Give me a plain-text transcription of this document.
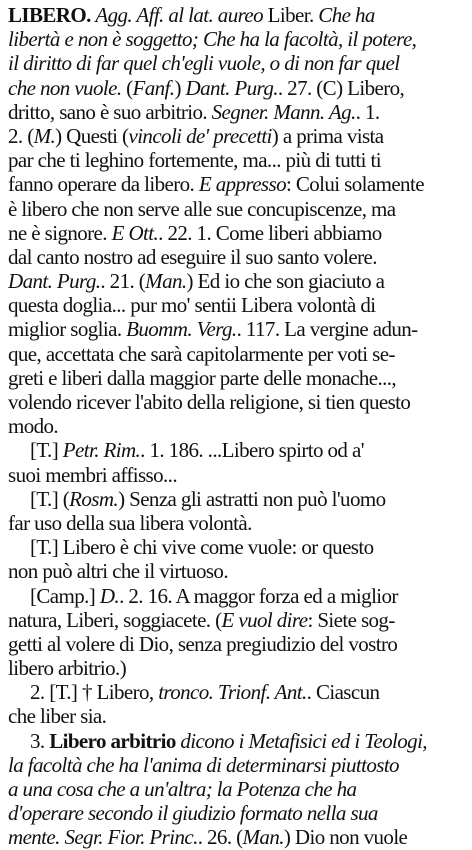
LIBERO. Agg. Aff. al lat. aureo Liber. Che ha
libertà e non è soggetto; Che ha la facoltà, il potere,
il diritto di far quel ch'egli vuole, o di non far quel
che non vuole. (Fanf.) Dant. Purg.. 27. (C) Libero,
dritto, sano è suo arbitrio. Segner. Mann. Ag.. 1.
2. (M.) Questi (vincoli de' precetti) a prima vista
par che ti leghino fortemente, ma... più di tutti ti
fanno operare da libero. E appresso: Colui solamente
è libero che non serve alle sue concupiscenze, ma
ne è signore. E Ott.. 22. 1. Come liberi abbiamo
dal canto nostro ad eseguire il suo santo volere.
Dant. Purg.. 21. (Man.) Ed io che son giaciuto a
questa doglia... pur mo' sentii Libera volontà di
miglior soglia. Buomm. Verg.. 117. La vergine adun-
que, accettata che sarà capitolarmente per voti se-
greti e liberi dalla maggior parte delle monache...,
volendo ricever l'abito della religione, si tien questo
modo.
[T.] Petr. Rim.. 1. 186. ...Libero spirto od a'
suoi membri affisso...
[T.] (Rosm.) Senza gli astratti non può l'uomo
far uso della sua libera volontà.
[T.] Libero è chi vive come vuole: or questo
non può altri che il virtuoso.
[Camp.] D.. 2. 16. A maggor forza ed a miglior
natura, Liberi, soggiacete. (E vuol dire: Siete sog-
getti al volere di Dio, senza pregiudizio del vostro
libero arbitrio.)
2. [T.] † Libero, tronco. Trionf. Ant.. Ciascun
che liber sia.
3. Libero arbitrio dicono i Metafisici ed i Teologi,
la facoltà che ha l'anima di determinarsi piuttosto
a una cosa che a un'altra; la Potenza che ha
d'operare secondo il giudizio formato nella sua
mente. Segr. Fior. Princ.. 26. (Man.) Dio non vuole
